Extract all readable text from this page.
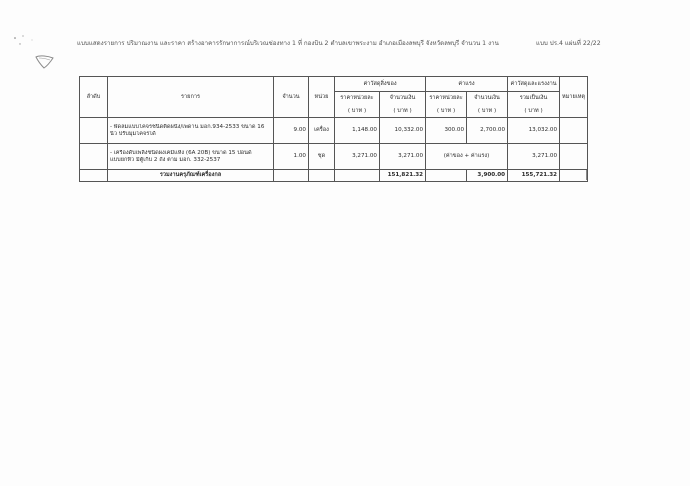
แบบแสดงรายการ ปริมาณงาน และราคา สร้างอาคารรักษาการณ์บริเวณช่องทาง 1 ที่ กองบิน 2 ตำบลเขาพระงาม อำเภอเมืองลพบุรี จังหวัดลพบุรี จำนวน 1 งาน	แบบ ปร.4 แผ่นที่ 22/22
ลำดับ	รายการ	จำนวน	หน่วย	ค่าวัสดุสิ่งของ		ค่าแรง		ค่าวัสดุและแรงงาน	หมายเหตุ
				ราคาหน่วยละ	จำนวนเงิน	ราคาหน่วยละ	จำนวนเงิน	รวมเป็นเงิน	
				( บาท )	( บาท )	( บาท )	( บาท )	( บาท )	

	- พัดลมแบบโคจรชนิดติดผนัง/เพดาน มอก.934-2533 ขนาด 16
นิ้ว ปรับมุมโคจรได้	9.00	เครื่อง	1,148.00	10,332.00	300.00	2,700.00	13,032.00	

	- เครื่องดับเพลิงชนิดผงเคมีแห้ง (6A 20B) ขนาด 15 ปอนด์
แบบยกหิ้ว มีตู้เก็บ 2 ถัง ตาม มอก. 332-2537	1.00	ชุด	3,271.00	3,271.00	(ค่าของ + ค่าแรง)		3,271.00	
	รวมงานครุภัณฑ์เครื่องกล				151,821.32		3,900.00	155,721.32	
